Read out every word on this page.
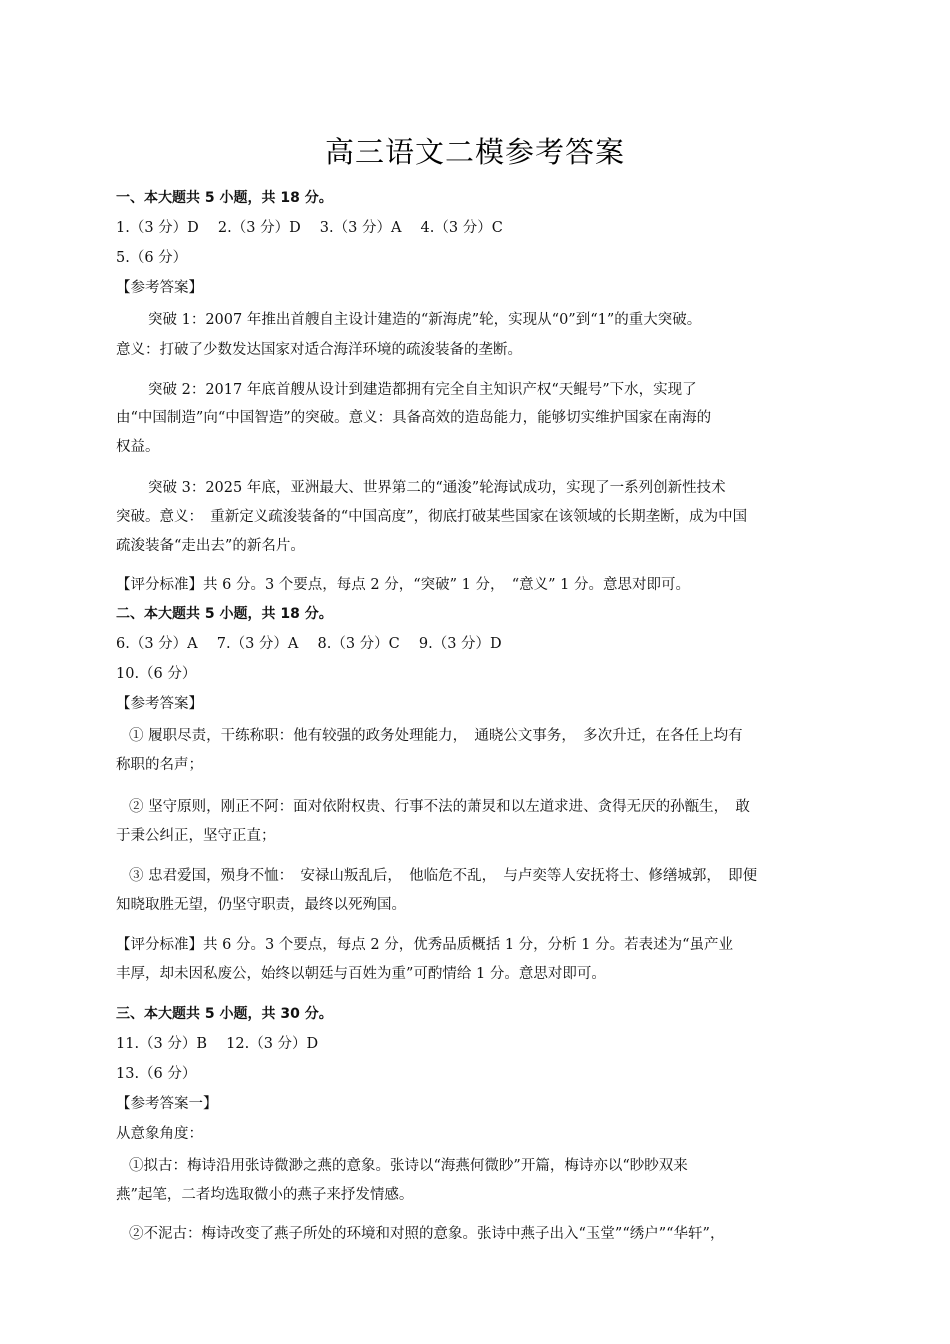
高三语文二模参考答案
一、本大题共 5 小题，共 18 分。
1.（3 分）D　 2.（3 分）D　 3.（3 分）A　 4.（3 分）C
5.（6 分）
【参考答案】
突破 1：2007 年推出首艘自主设计建造的“新海虎”轮，实现从“0”到“1”的重大突破。
意义：打破了少数发达国家对适合海洋环境的疏浚装备的垄断。
突破 2：2017 年底首艘从设计到建造都拥有完全自主知识产权“天鲲号”下水，实现了
由“中国制造”向“中国智造”的突破。意义：具备高效的造岛能力，能够切实维护国家在南海的
权益。
突破 3：2025 年底，亚洲最大、世界第二的“通浚”轮海试成功，实现了一系列创新性技术
突破。意义：　重新定义疏浚装备的“中国高度”，彻底打破某些国家在该领域的长期垄断，成为中国
疏浚装备“走出去”的新名片。
【评分标准】共 6 分。3 个要点，每点 2 分，“突破” 1 分，　“意义” 1 分。意思对即可。
二、本大题共 5 小题，共 18 分。
6.（3 分）A　 7.（3 分）A　 8.（3 分）C　 9.（3 分）D
10.（6 分）
【参考答案】
① 履职尽责，干练称职：他有较强的政务处理能力，　通晓公文事务，　多次升迁，在各任上均有
称职的名声；
② 坚守原则，刚正不阿：面对依附权贵、行事不法的萧炅和以左道求进、贪得无厌的孙甑生，　敢
于秉公纠正，坚守正直；
③ 忠君爱国，殒身不恤：　安禄山叛乱后，　他临危不乱，　与卢奕等人安抚将士、修缮城郭，　即便
知晓取胜无望，仍坚守职责，最终以死殉国。
【评分标准】共 6 分。3 个要点，每点 2 分，优秀品质概括 1 分，分析 1 分。若表述为“虽产业
丰厚，却未因私废公，始终以朝廷与百姓为重”可酌情给 1 分。意思对即可。
三、本大题共 5 小题，共 30 分。
11.（3 分）B　 12.（3 分）D
13.（6 分）
【参考答案一】
从意象角度：
①拟古：梅诗沿用张诗微渺之燕的意象。张诗以“海燕何微眇”开篇，梅诗亦以“眇眇双来
燕”起笔，二者均选取微小的燕子来抒发情感。
②不泥古：梅诗改变了燕子所处的环境和对照的意象。张诗中燕子出入“玉堂”“绣户”“华轩”，
